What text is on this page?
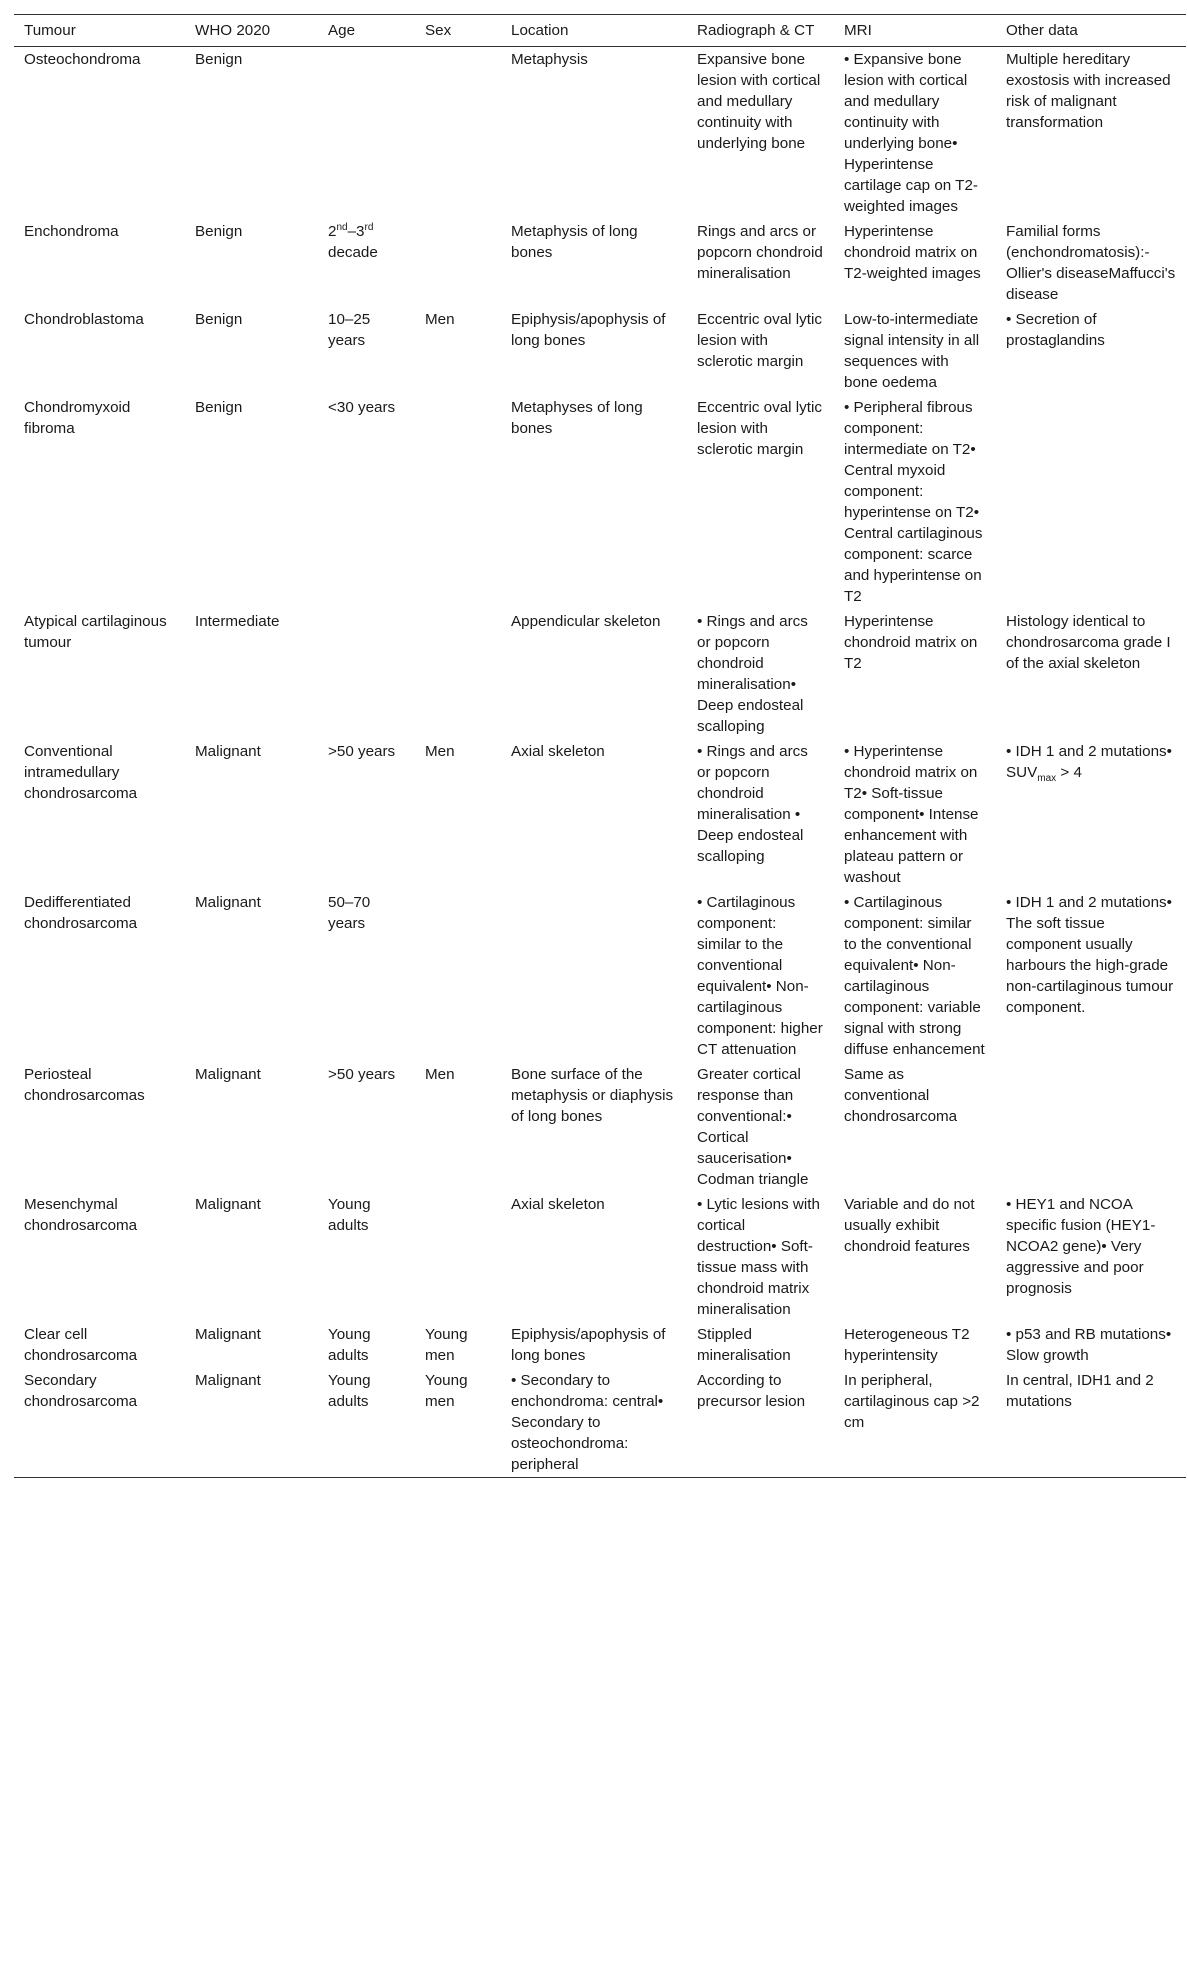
Tumour	WHO 2020	Age	Sex	Location	Radiograph & CT	MRI	Other data
Osteochondroma	Benign			Metaphysis	Expansive bone lesion with cortical and medullary continuity with underlying bone	• Expansive bone lesion with cortical and medullary continuity with underlying bone• Hyperintense cartilage cap on T2-weighted images	Multiple hereditary exostosis with increased risk of malignant transformation
Enchondroma	Benign	2nd–3rd decade		Metaphysis of long bones	Rings and arcs or popcorn chondroid mineralisation	Hyperintense chondroid matrix on T2-weighted images	Familial forms (enchondromatosis):-Ollier's diseaseMaffucci's disease
Chondroblastoma	Benign	10–25 years	Men	Epiphysis/apophysis of long bones	Eccentric oval lytic lesion with sclerotic margin	Low-to-intermediate signal intensity in all sequences with bone oedema	• Secretion of prostaglandins
Chondromyxoid fibroma	Benign	<30 years		Metaphyses of long bones	Eccentric oval lytic lesion with sclerotic margin	• Peripheral fibrous component: intermediate on T2• Central myxoid component: hyperintense on T2• Central cartilaginous component: scarce and hyperintense on T2	
Atypical cartilaginous tumour	Intermediate			Appendicular skeleton	• Rings and arcs or popcorn chondroid mineralisation• Deep endosteal scalloping	Hyperintense chondroid matrix on T2	Histology identical to chondrosarcoma grade I of the axial skeleton
Conventional intramedullary chondrosarcoma	Malignant	>50 years	Men	Axial skeleton	• Rings and arcs or popcorn chondroid mineralisation • Deep endosteal scalloping	• Hyperintense chondroid matrix on T2• Soft-tissue component• Intense enhancement with plateau pattern or washout	• IDH 1 and 2 mutations• $SUV_{max} > 4$
Dedifferentiated chondrosarcoma	Malignant	50–70 years			• Cartilaginous component: similar to the conventional equivalent• Non-cartilaginous component: higher CT attenuation	• Cartilaginous component: similar to the conventional equivalent• Non-cartilaginous component: variable signal with strong diffuse enhancement	• IDH 1 and 2 mutations• The soft tissue component usually harbours the high-grade non-cartilaginous tumour component.
Periosteal chondrosarcomas	Malignant	>50 years	Men	Bone surface of the metaphysis or diaphysis of long bones	Greater cortical response than conventional:• Cortical saucerisation• Codman triangle	Same as conventional chondrosarcoma	
Mesenchymal chondrosarcoma	Malignant	Young adults		Axial skeleton	• Lytic lesions with cortical destruction• Soft-tissue mass with chondroid matrix mineralisation	Variable and do not usually exhibit chondroid features	• HEY1 and NCOA specific fusion (HEY1-NCOA2 gene)• Very aggressive and poor prognosis
Clear cell chondrosarcoma	Malignant	Young adults	Young men	Epiphysis/apophysis of long bones	Stippled mineralisation	Heterogeneous T2 hyperintensity	• p53 and RB mutations• Slow growth
Secondary chondrosarcoma	Malignant	Young adults	Young men	• Secondary to enchondroma: central• Secondary to osteochondroma: peripheral	According to precursor lesion	In peripheral, cartilaginous cap >2 cm	In central, IDH1 and 2 mutations
